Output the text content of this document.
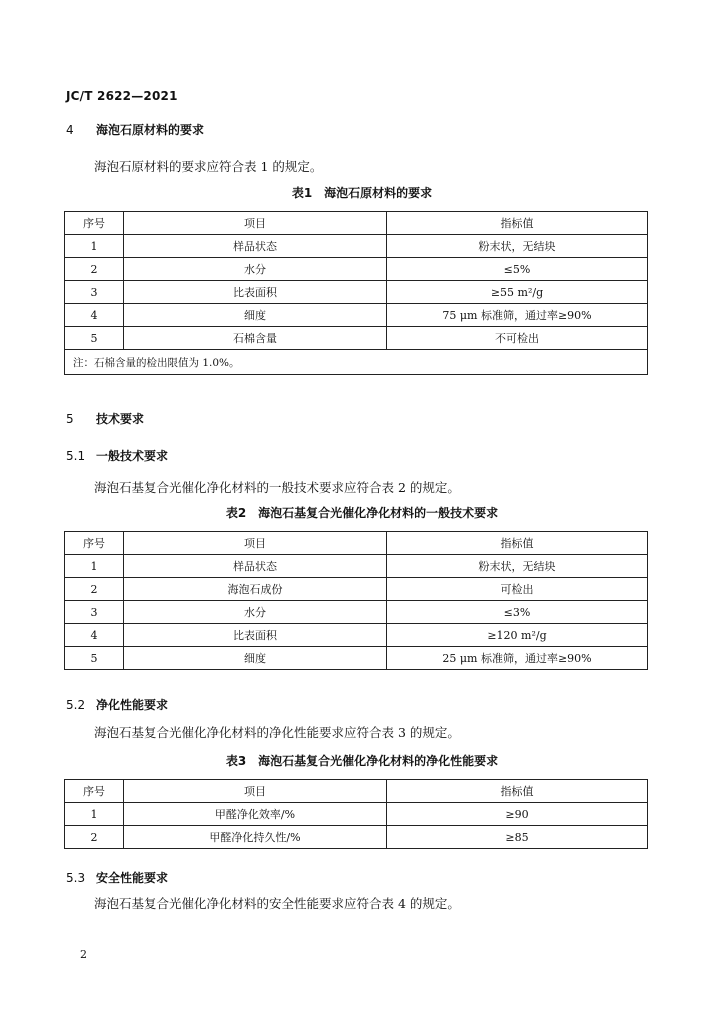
JC/T 2622—2021
4 海泡石原材料的要求
海泡石原材料的要求应符合表 1 的规定。
表1 海泡石原材料的要求
序号	项目	指标值
1	样品状态	粉末状，无结块
2	水分	≤5%
3	比表面积	≥55 m²/g
4	细度	75 μm 标准筛，通过率≥90%
5	石棉含量	不可检出
注：石棉含量的检出限值为 1.0%。		
5 技术要求
5.1 一般技术要求
海泡石基复合光催化净化材料的一般技术要求应符合表 2 的规定。
表2 海泡石基复合光催化净化材料的一般技术要求
序号	项目	指标值
1	样品状态	粉末状，无结块
2	海泡石成份	可检出
3	水分	≤3%
4	比表面积	≥120 m²/g
5	细度	25 μm 标准筛，通过率≥90%
5.2 净化性能要求
海泡石基复合光催化净化材料的净化性能要求应符合表 3 的规定。
表3 海泡石基复合光催化净化材料的净化性能要求
序号	项目	指标值
1	甲醛净化效率/%	≥90
2	甲醛净化持久性/%	≥85
5.3 安全性能要求
海泡石基复合光催化净化材料的安全性能要求应符合表 4 的规定。
2
